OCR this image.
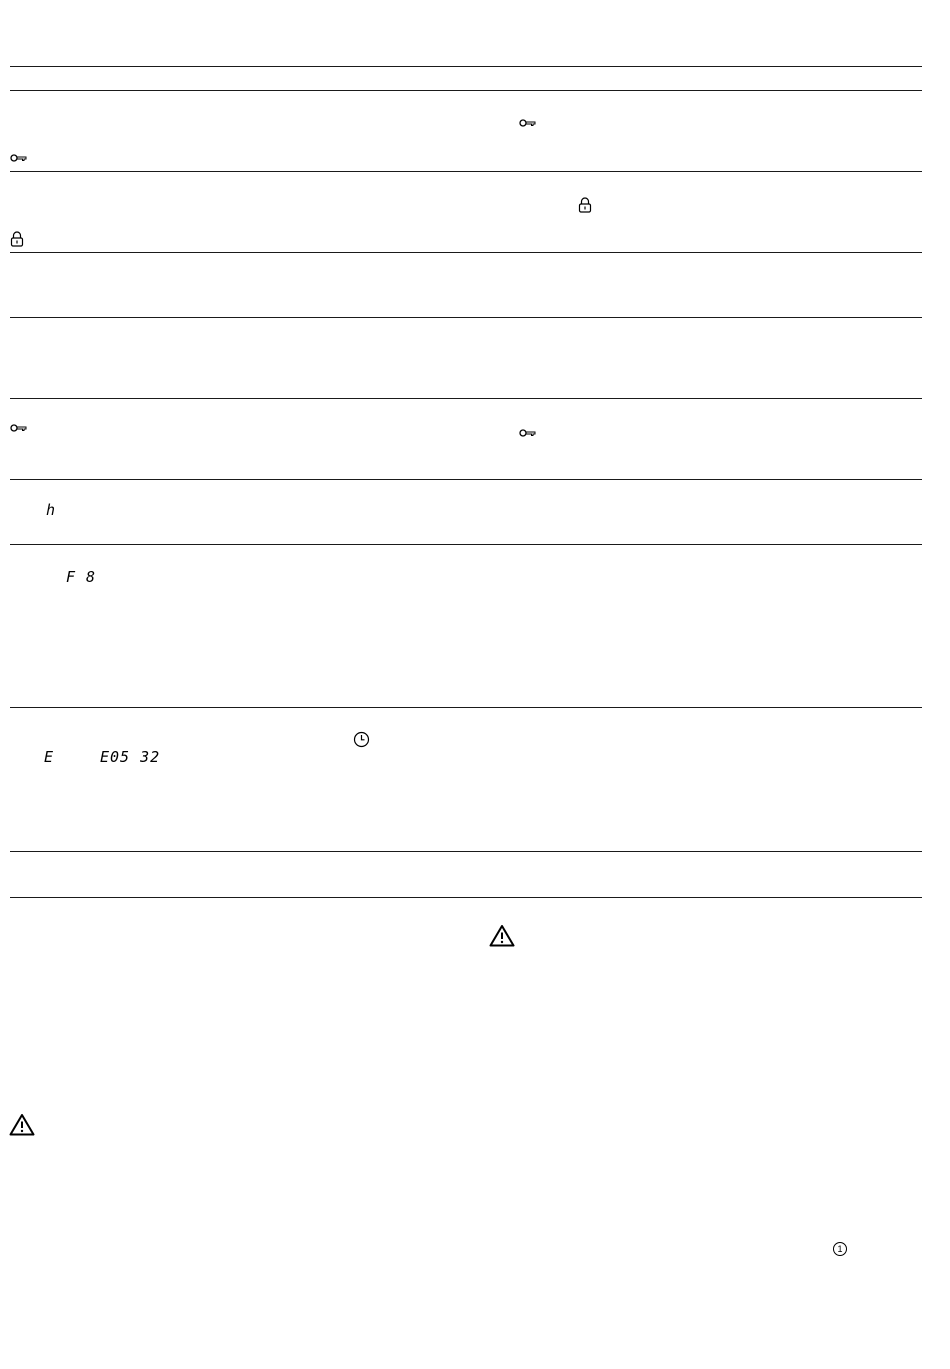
h
F 8
E	E05 32
1
